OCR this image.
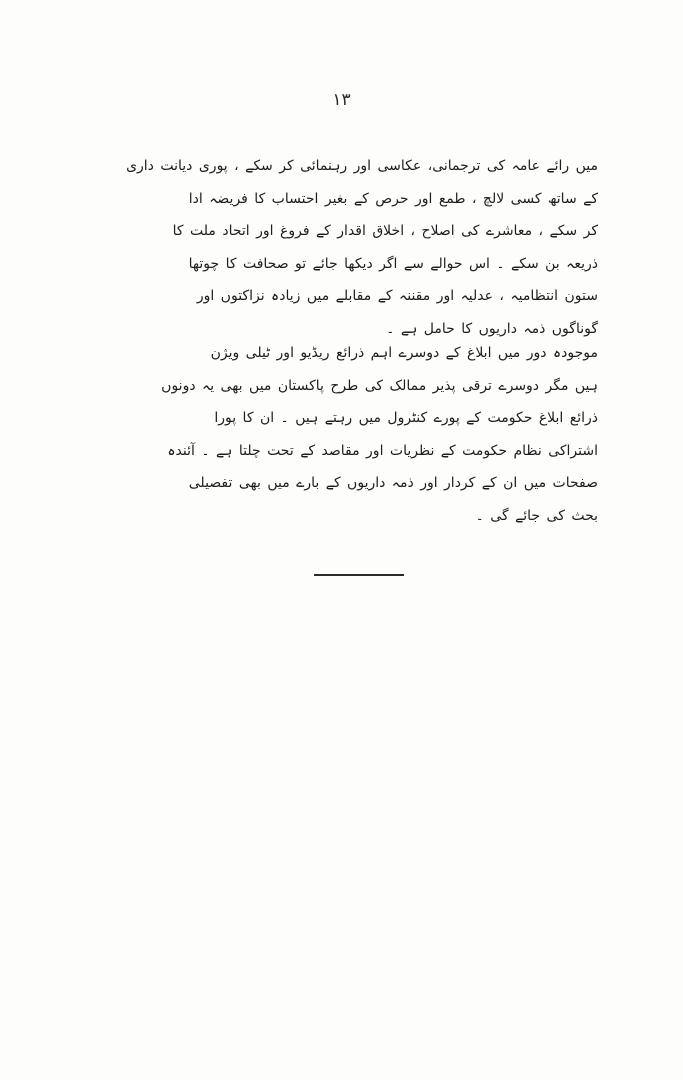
۱۳
میں رائے عامہ کی ترجمانی، عکاسی اور رہنمائی کر سکے ، پوری دیانت داری
کے ساتھ کسی لالچ ، طمع اور حرص کے بغیر احتساب کا فریضہ ادا
کر سکے ، معاشرے کی اصلاح ، اخلاق اقدار کے فروغ اور اتحاد ملت کا
ذریعہ بن سکے ۔ اس حوالے سے اگر دیکھا جائے تو صحافت کا چوتھا
ستون انتظامیہ ، عدلیہ اور مقننہ کے مقابلے میں زیادہ نزاکتوں اور
گوناگوں ذمہ داریوں کا حامل ہے ۔
موجودہ دور میں ابلاغ کے دوسرے اہم ذرائع ریڈیو اور ٹیلی ویژن
ہیں مگر دوسرے ترقی پذیر ممالک کی طرح پاکستان میں بھی یہ دونوں
ذرائع ابلاغ حکومت کے پورے کنٹرول میں رہتے ہیں ۔ ان کا پورا
اشتراکی نظام حکومت کے نظریات اور مقاصد کے تحت چلتا ہے ۔ آئندہ
صفحات میں ان کے کردار اور ذمہ داریوں کے بارے میں بھی تفصیلی
بحث کی جائے گی ۔
